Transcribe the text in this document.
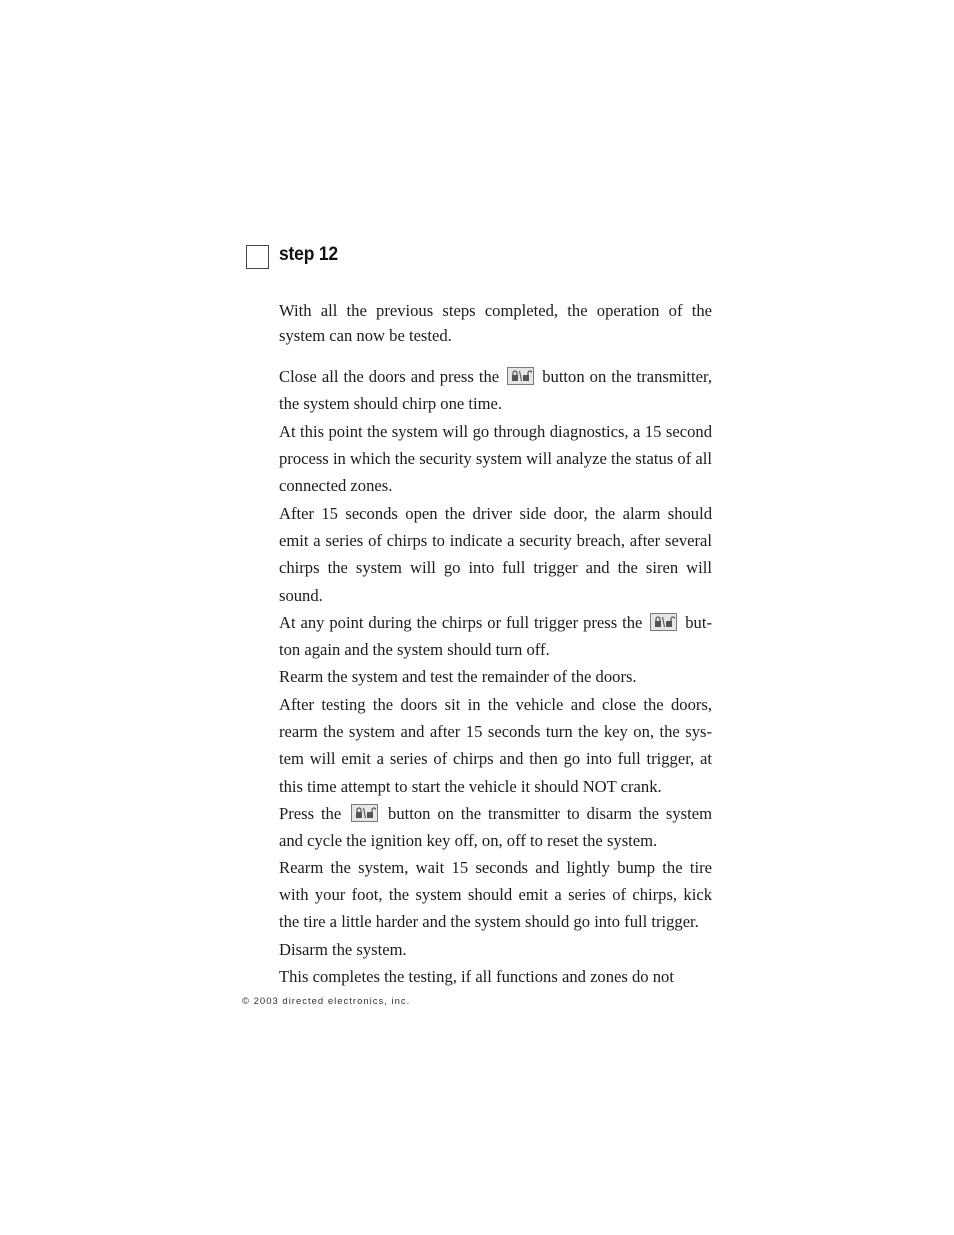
step 12

With all the previous steps completed, the operation of the system can now be tested.

Close all the doors and press the	button on the transmitter, the system should chirp one time.

At this point the system will go through diagnostics, a 15 second process in which the security system will analyze the status of all connected zones.

After 15 seconds open the driver side door, the alarm should emit a series of chirps to indicate a security breach, after several chirps the system will go into full trigger and the siren will sound.

At any point during the chirps or full trigger press the	button again and the system should turn off.

Rearm the system and test the remainder of the doors.

After testing the doors sit in the vehicle and close the doors, rearm the system and after 15 seconds turn the key on, the system will emit a series of chirps and then go into full trigger, at this time attempt to start the vehicle it should NOT crank.

Press the	button on the transmitter to disarm the system and cycle the ignition key off, on, off to reset the system.

Rearm the system, wait 15 seconds and lightly bump the tire with your foot, the system should emit a series of chirps, kick the tire a little harder and the system should go into full trigger.

Disarm the system.

This completes the testing, if all functions and zones do not

© 2003 directed electronics, inc.
